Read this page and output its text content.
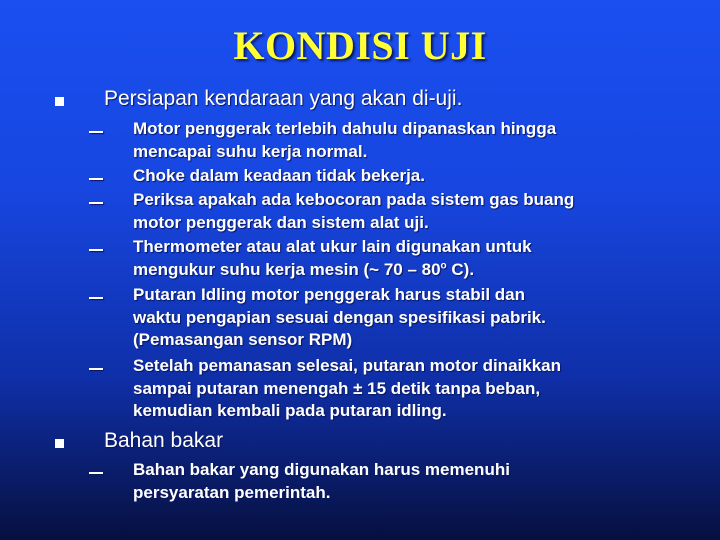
KONDISI UJI
Persiapan kendaraan yang akan di-uji.
Motor penggerak terlebih dahulu dipanaskan hingga
mencapai suhu kerja normal.
Choke dalam keadaan tidak bekerja.
Periksa apakah ada kebocoran pada sistem gas buang
motor penggerak dan sistem alat uji.
Thermometer atau alat ukur lain digunakan untuk
mengukur suhu kerja mesin (~ 70 – 80$^o$ C).
Putaran Idling motor penggerak harus stabil dan
waktu pengapian sesuai dengan spesifikasi pabrik.
(Pemasangan sensor RPM)
Setelah pemanasan selesai, putaran motor dinaikkan
sampai putaran menengah ± 15 detik tanpa beban,
kemudian kembali pada putaran idling.
Bahan bakar
Bahan bakar yang digunakan harus memenuhi
persyaratan pemerintah.
